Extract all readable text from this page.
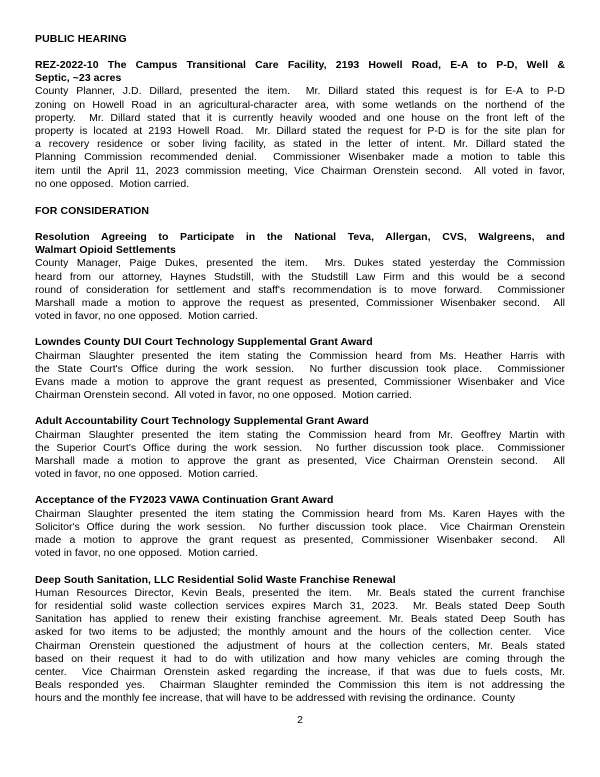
PUBLIC HEARING
REZ-2022-10 The Campus Transitional Care Facility, 2193 Howell Road, E-A to P-D, Well &
Septic, ~23 acres
County Planner, J.D. Dillard, presented the item.  Mr. Dillard stated this request is for E-A to P-D
zoning on Howell Road in an agricultural-character area, with some wetlands on the northend of the
property.  Mr. Dillard stated that it is currently heavily wooded and one house on the front left of the
property is located at 2193 Howell Road.  Mr. Dillard stated the request for P-D is for the site plan for
a recovery residence or sober living facility, as stated in the letter of intent. Mr. Dillard stated the
Planning Commission recommended denial.  Commissioner Wisenbaker made a motion to table this
item until the April 11, 2023 commission meeting, Vice Chairman Orenstein second.  All voted in favor,
no one opposed.  Motion carried.
FOR CONSIDERATION
Resolution Agreeing to Participate in the National Teva, Allergan, CVS, Walgreens, and
Walmart Opioid Settlements
County Manager, Paige Dukes, presented the item.  Mrs. Dukes stated yesterday the Commission
heard from our attorney, Haynes Studstill, with the Studstill Law Firm and this would be a second
round of consideration for settlement and staff's recommendation is to move forward.  Commissioner
Marshall made a motion to approve the request as presented, Commissioner Wisenbaker second.  All
voted in favor, no one opposed.  Motion carried.
Lowndes County DUI Court Technology Supplemental Grant Award
Chairman Slaughter presented the item stating the Commission heard from Ms. Heather Harris with
the State Court's Office during the work session.  No further discussion took place.  Commissioner
Evans made a motion to approve the grant request as presented, Commissioner Wisenbaker and Vice
Chairman Orenstein second.  All voted in favor, no one opposed.  Motion carried.
Adult Accountability Court Technology Supplemental Grant Award
Chairman Slaughter presented the item stating the Commission heard from Mr. Geoffrey Martin with
the Superior Court's Office during the work session.  No further discussion took place.  Commissioner
Marshall made a motion to approve the grant as presented, Vice Chairman Orenstein second.  All
voted in favor, no one opposed.  Motion carried.
Acceptance of the FY2023 VAWA Continuation Grant Award
Chairman Slaughter presented the item stating the Commission heard from Ms. Karen Hayes with the
Solicitor's Office during the work session.  No further discussion took place.  Vice Chairman Orenstein
made a motion to approve the grant request as presented, Commissioner Wisenbaker second.  All
voted in favor, no one opposed.  Motion carried.
Deep South Sanitation, LLC Residential Solid Waste Franchise Renewal
Human Resources Director, Kevin Beals, presented the item.  Mr. Beals stated the current franchise
for residential solid waste collection services expires March 31, 2023.  Mr. Beals stated Deep South
Sanitation has applied to renew their existing franchise agreement. Mr. Beals stated Deep South has
asked for two items to be adjusted; the monthly amount and the hours of the collection center.  Vice
Chairman Orenstein questioned the adjustment of hours at the collection centers, Mr. Beals stated
based on their request it had to do with utilization and how many vehicles are coming through the
center.  Vice Chairman Orenstein asked regarding the increase, if that was due to fuels costs, Mr.
Beals responded yes.  Chairman Slaughter reminded the Commission this item is not addressing the
hours and the monthly fee increase, that will have to be addressed with revising the ordinance.  County
2
